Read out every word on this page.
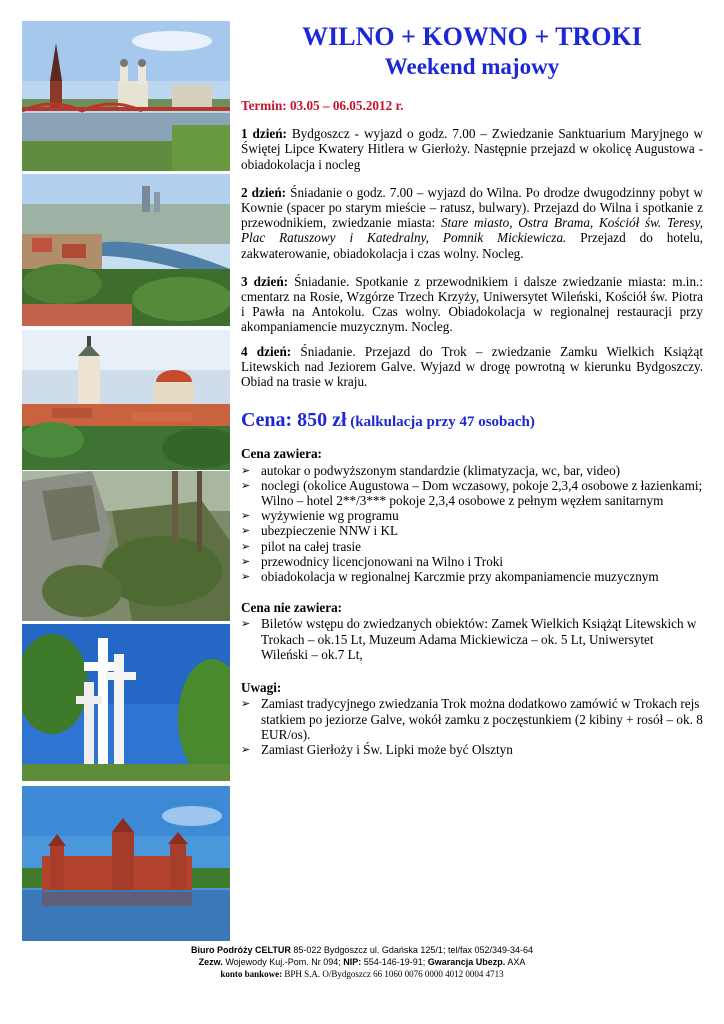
WILNO + KOWNO + TROKI
Weekend majowy

Termin: 03.05 – 06.05.2012 r.

1 dzień: Bydgoszcz - wyjazd o godz. 7.00 – Zwiedzanie Sanktuarium Maryjnego w Świętej Lipce Kwatery Hitlera w Gierłoży. Następnie przejazd w okolicę Augustowa - obiadokolacja i nocleg

2 dzień: Śniadanie o godz. 7.00 – wyjazd do Wilna. Po drodze dwugodzinny pobyt w Kownie (spacer po starym mieście – ratusz, bulwary). Przejazd do Wilna i spotkanie z przewodnikiem, zwiedzanie miasta: Stare miasto, Ostra Brama, Kościół św. Teresy, Plac Ratuszowy i Katedralny, Pomnik Mickiewicza. Przejazd do hotelu, zakwaterowanie, obiadokolacja i czas wolny. Nocleg.

3 dzień: Śniadanie. Spotkanie z przewodnikiem i dalsze zwiedzanie miasta: m.in.: cmentarz na Rosie, Wzgórze Trzech Krzyży, Uniwersytet Wileński, Kościół św. Piotra i Pawła na Antokolu. Czas wolny. Obiadokolacja w regionalnej restauracji przy akompaniamencie muzycznym. Nocleg.

4 dzień: Śniadanie. Przejazd do Trok – zwiedzanie Zamku Wielkich Książąt Litewskich nad Jeziorem Galve. Wyjazd w drogę powrotną w kierunku Bydgoszczy. Obiad na trasie w kraju.

Cena: 850 zł (kalkulacja przy 47 osobach)

Cena zawiera:

➢ autokar o podwyższonym standardzie (klimatyzacja, wc, bar, video)
➢ noclegi (okolice Augustowa – Dom wczasowy, pokoje 2,3,4 osobowe z łazienkami; Wilno – hotel 2**/3*** pokoje 2,3,4 osobowe z pełnym węzłem sanitarnym
➢ wyżywienie wg programu
➢ ubezpieczenie NNW i KL
➢ pilot na całej trasie
➢ przewodnicy licencjonowani na Wilno i Troki
➢ obiadokolacja w regionalnej Karczmie przy akompaniamencie muzycznym

Cena nie zawiera:

➢ Biletów wstępu do zwiedzanych obiektów: Zamek Wielkich Książąt Litewskich w Trokach – ok.15 Lt, Muzeum Adama Mickiewicza – ok. 5 Lt, Uniwersytet Wileński – ok.7 Lt,

Uwagi:

➢ Zamiast tradycyjnego zwiedzania Trok można dodatkowo zamówić w Trokach rejs statkiem po jeziorze Galve, wokół zamku z poczęstunkiem (2 kibiny + rosół – ok. 8 EUR/os).
➢ Zamiast Gierłoży i Św. Lipki może być Olsztyn
Biuro Podróży CELTUR 85-022 Bydgoszcz ul. Gdańska 125/1; tel/fax 052/349-34-64
Zezw. Wojewody Kuj.-Pom. Nr 094; NIP: 554-146-19-91; Gwarancja Ubezp. AXA
konto bankowe: BPH S.A. O/Bydgoszcz 66 1060 0076 0000 4012 0004 4713
